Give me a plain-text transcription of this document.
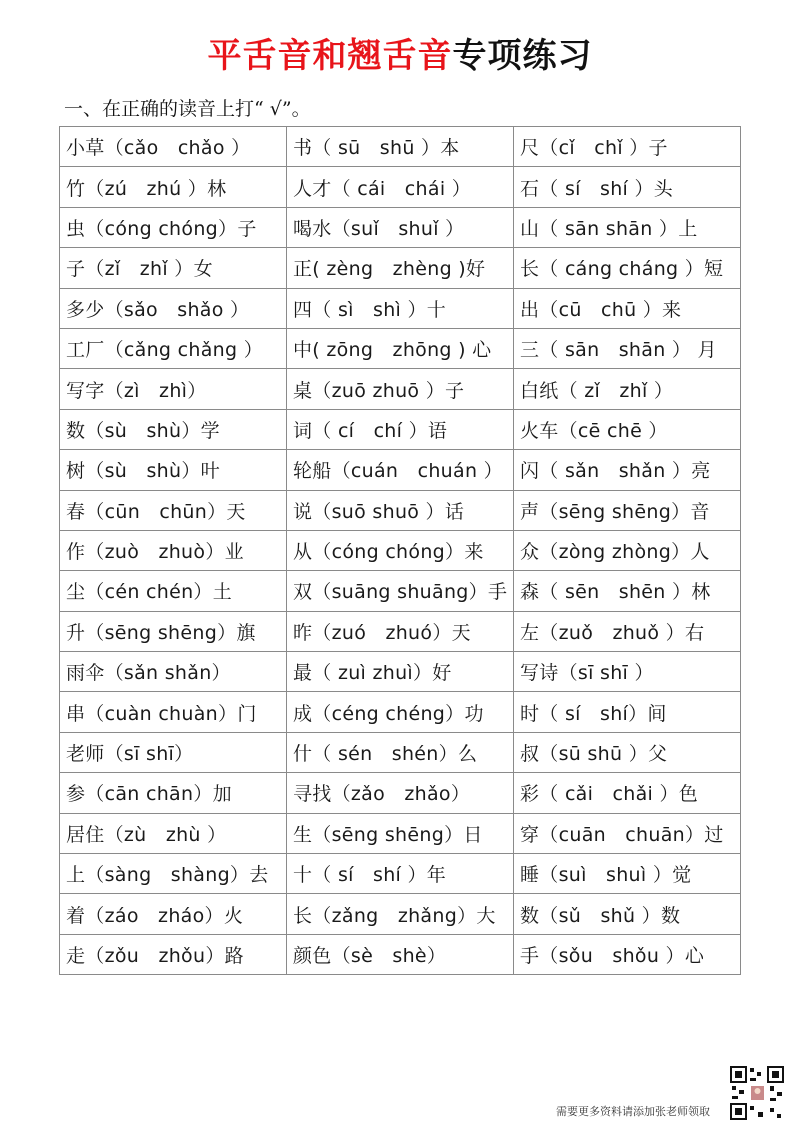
平舌音和翘舌音专项练习
一、在正确的读音上打“ √”。
小草（cǎo　chǎo ）	书（ sū　shū ）本	尺（cǐ　chǐ ）子
竹（zú　zhú ）林	人才（ cái　chái ）	石（ sí　shí ）头
虫（cóng chóng）子	喝水（suǐ　shuǐ ）	山（ sān shān ）上
子（zǐ　zhǐ ）女	正( zèng　zhèng )好	长（ cáng cháng ）短
多少（sǎo　shǎo ）	四（ sì　shì ）十	出（cū　chū ）来
工厂（cǎng chǎng ）	中( zōng　zhōng ) 心	三（ sān　shān ） 月
写字（zì　zhì）	桌（zuō zhuō ）子	白纸（ zǐ　zhǐ ）
数（sù　shù）学	词（ cí　chí ）语	火车（cē chē ）
树（sù　shù）叶	轮船（cuán　chuán ）	闪（ sǎn　shǎn ）亮
春（cūn　chūn）天	说（suō shuō ）话	声（sēng shēng）音
作（zuò　zhuò）业	从（cóng chóng）来	众（zòng zhòng）人
尘（cén chén）土	双（suāng shuāng）手	森（ sēn　shēn ）林
升（sēng shēng）旗	昨（zuó　zhuó）天	左（zuǒ　zhuǒ ）右
雨伞（sǎn shǎn）	最（ zuì zhuì）好	写诗（sī shī ）
串（cuàn chuàn）门	成（céng chéng）功	时（ sí　shí）间
老师（sī shī）	什（ sén　shén）么	叔（sū shū ）父
参（cān chān）加	寻找（zǎo　zhǎo）	彩（ cǎi　chǎi ）色
居住（zù　zhù ）	生（sēng shēng）日	穿（cuān　chuān）过
上（sàng　shàng）去	十（ sí　shí ）年	睡（suì　shuì ）觉
着（záo　zháo）火	长（zǎng　zhǎng）大	数（sǔ　shǔ ）数
走（zǒu　zhǒu）路	颜色（sè　shè）	手（sǒu　shǒu ）心
需要更多资料请添加张老师领取
